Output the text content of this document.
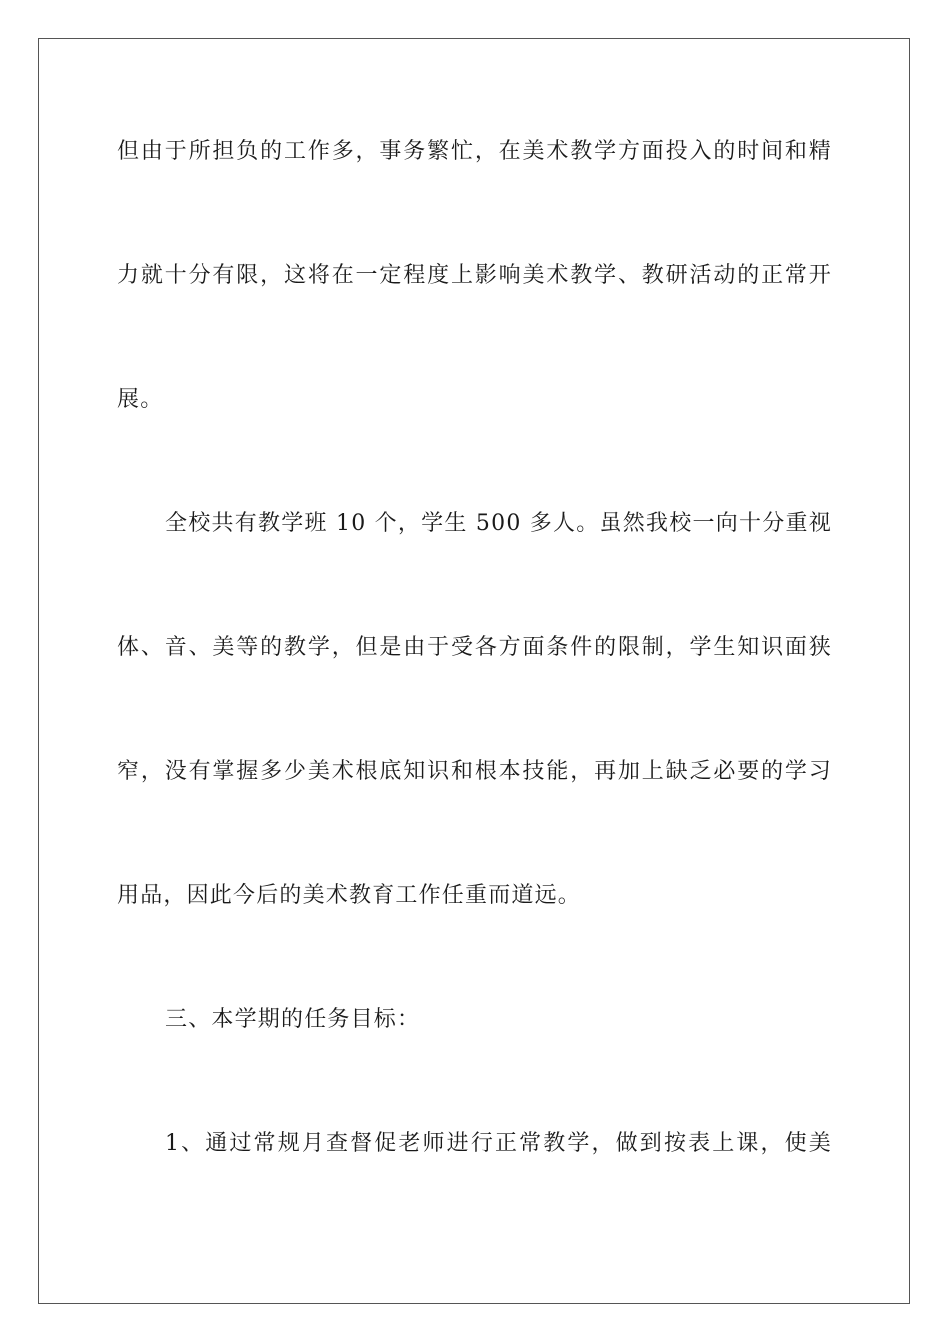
但由于所担负的工作多，事务繁忙，在美术教学方面投入的时间和精
力就十分有限，这将在一定程度上影响美术教学、教研活动的正常开
展。
全校共有教学班 10 个，学生 500 多人。虽然我校一向十分重视
体、音、美等的教学，但是由于受各方面条件的限制，学生知识面狭
窄，没有掌握多少美术根底知识和根本技能，再加上缺乏必要的学习
用品，因此今后的美术教育工作任重而道远。
三、本学期的任务目标：
1、通过常规月查督促老师进行正常教学，做到按表上课，使美
